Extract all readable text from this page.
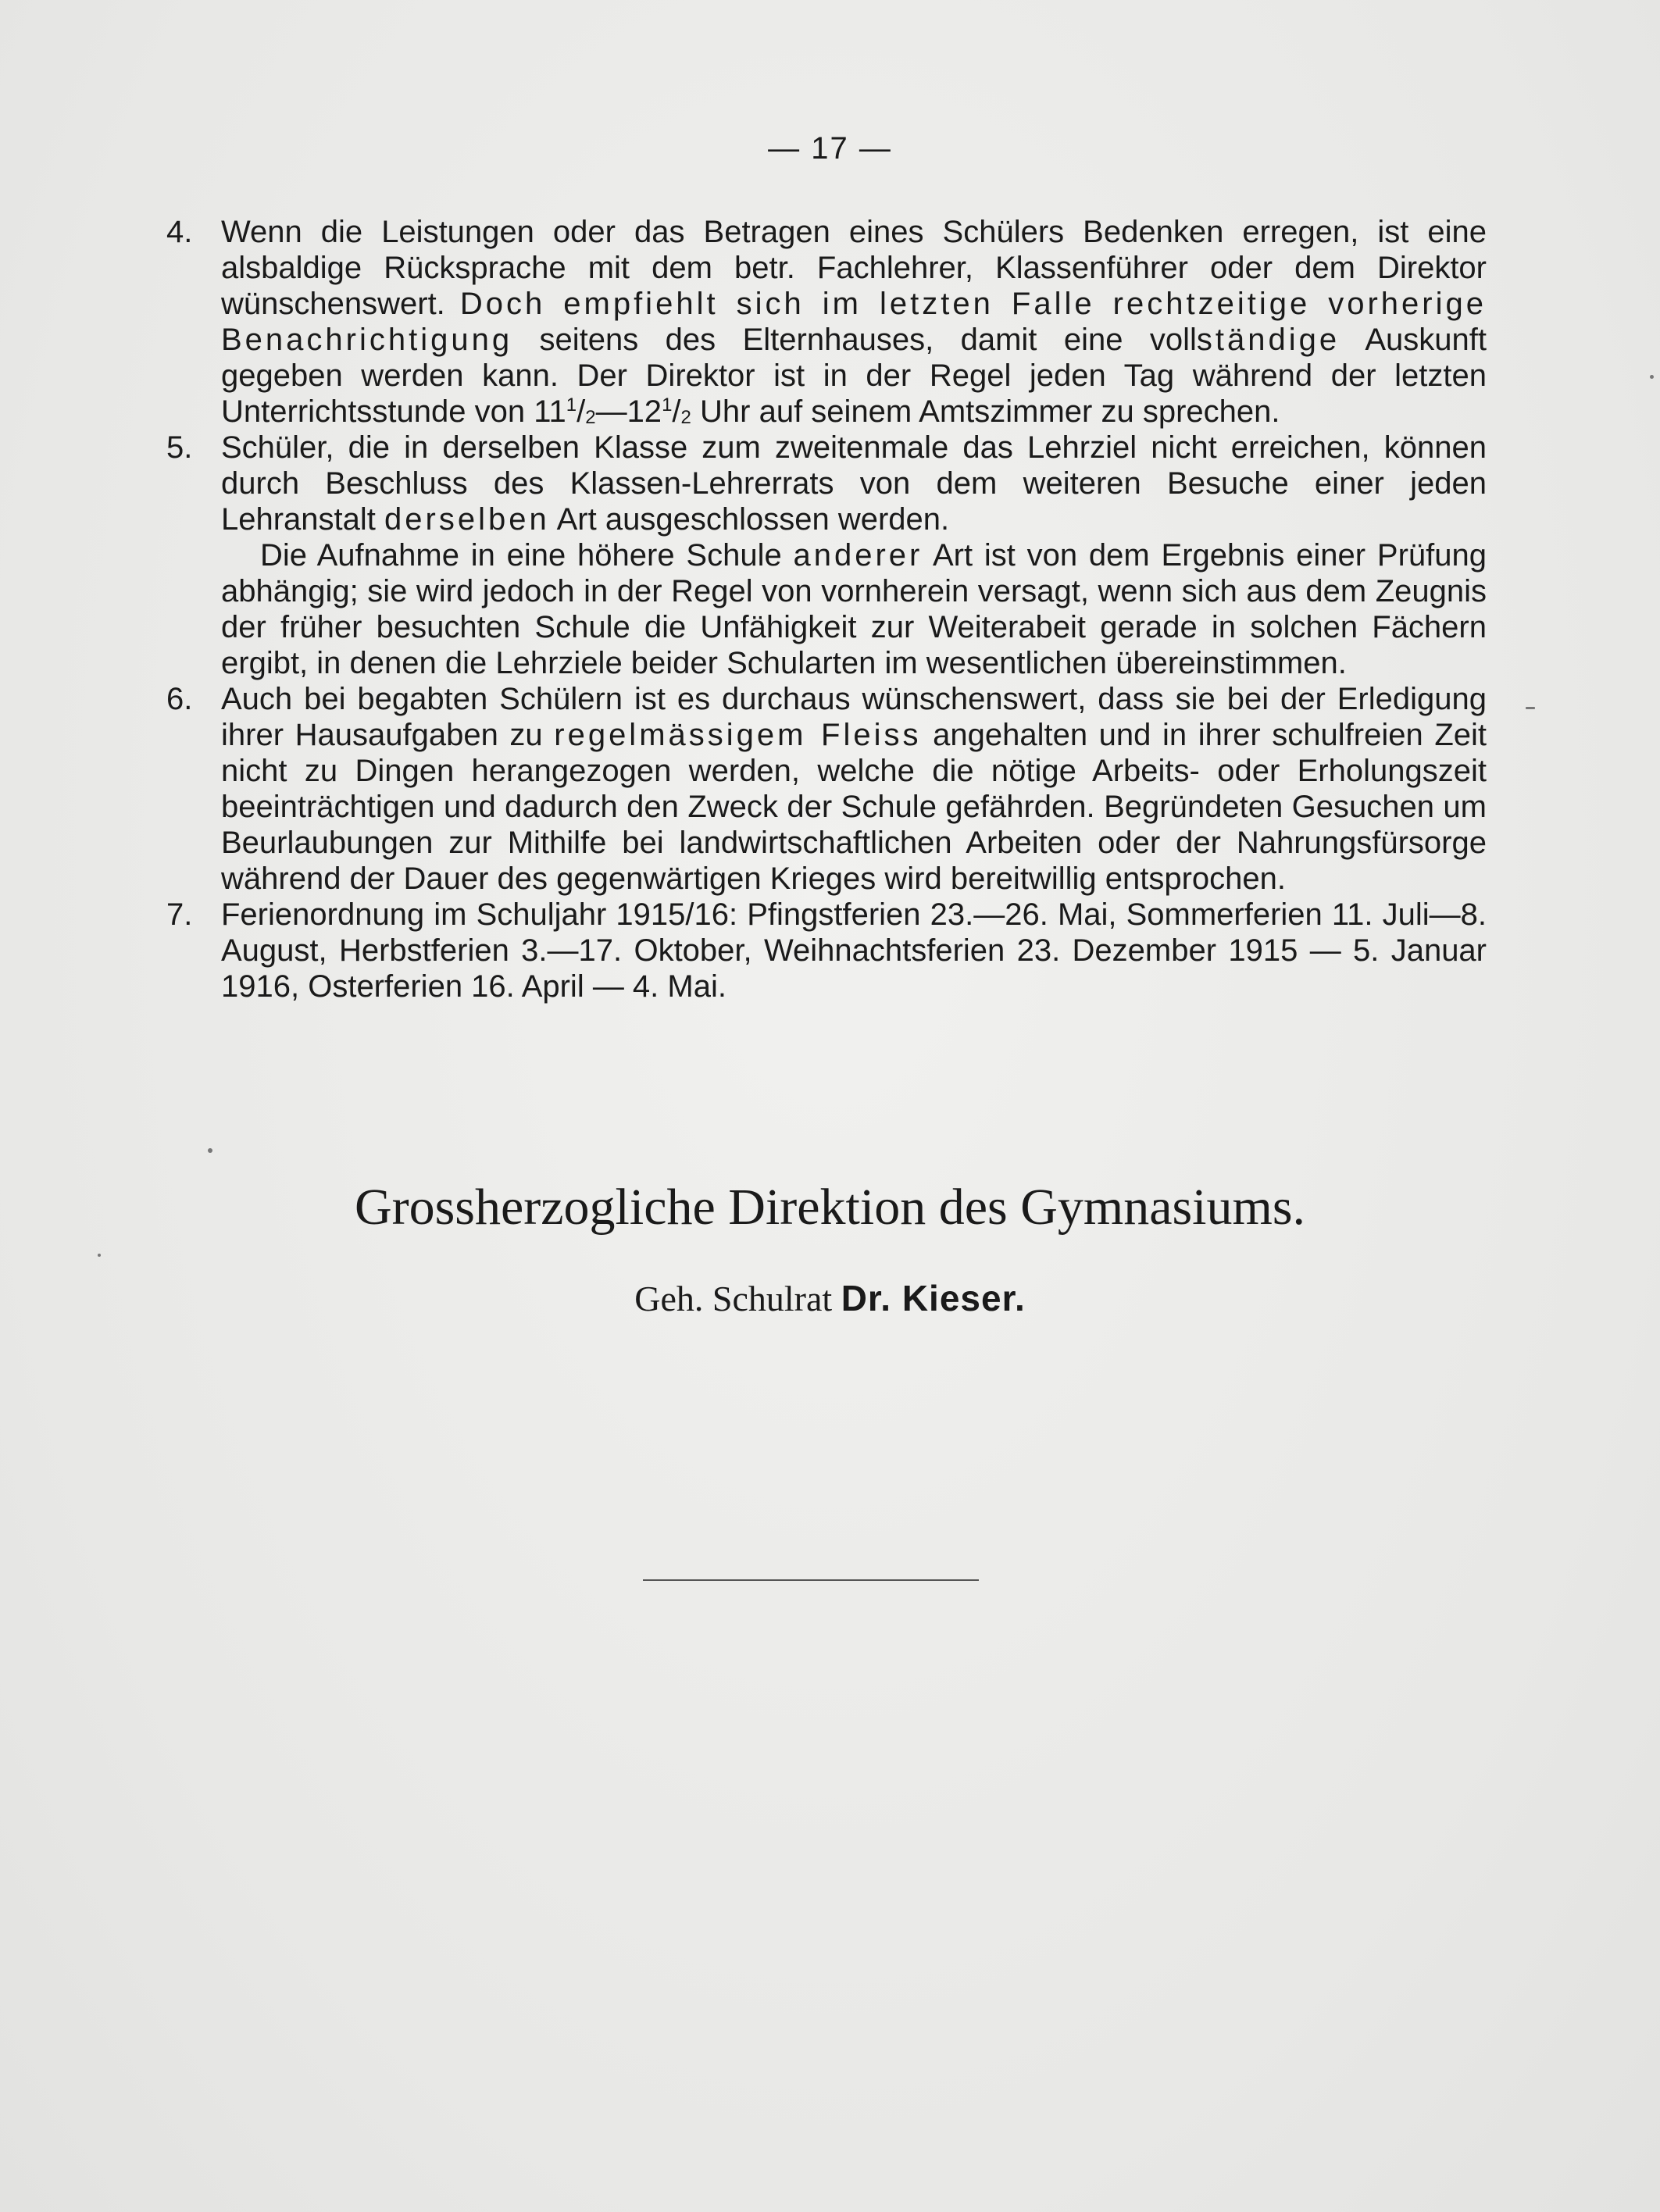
— 17 —
4. Wenn die Leistungen oder das Betragen eines Schülers Bedenken erregen, ist eine alsbaldige Rücksprache mit dem betr. Fachlehrer, Klassenführer oder dem Direktor wünschenswert. Doch empfiehlt sich im letzten Falle rechtzeitige vorherige Benachrichtigung seitens des Elternhauses, damit eine vollständige Auskunft gegeben werden kann. Der Direktor ist in der Regel jeden Tag während der letzten Unterrichtsstunde von $11^1/_2—12^1/_2$ Uhr auf seinem Amtszimmer zu sprechen.

5. Schüler, die in derselben Klasse zum zweitenmale das Lehrziel nicht erreichen, können durch Beschluss des Klassen-Lehrerrats von dem weiteren Besuche einer jeden Lehranstalt derselben Art ausgeschlossen werden.

Die Aufnahme in eine höhere Schule anderer Art ist von dem Ergebnis einer Prüfung abhängig; sie wird jedoch in der Regel von vornherein versagt, wenn sich aus dem Zeugnis der früher besuchten Schule die Unfähigkeit zur Weiterabeit gerade in solchen Fächern ergibt, in denen die Lehrziele beider Schularten im wesentlichen übereinstimmen.

6. Auch bei begabten Schülern ist es durchaus wünschenswert, dass sie bei der Erledigung ihrer Hausaufgaben zu regelmässigem Fleiss angehalten und in ihrer schulfreien Zeit nicht zu Dingen herangezogen werden, welche die nötige Arbeits- oder Erholungszeit beeinträchtigen und dadurch den Zweck der Schule gefährden. Begründeten Gesuchen um Beurlaubungen zur Mithilfe bei landwirtschaftlichen Arbeiten oder der Nahrungsfürsorge während der Dauer des gegenwärtigen Krieges wird bereitwillig entsprochen.

7. Ferienordnung im Schuljahr 1915/16: Pfingstferien 23.—26. Mai, Sommerferien 11. Juli—8. August, Herbstferien 3.—17. Oktober, Weihnachtsferien 23. Dezember 1915 — 5. Januar 1916, Osterferien 16. April — 4. Mai.

Grossherzogliche Direktion des Gymnasiums.
Geh. Schulrat Dr. Kieser.
